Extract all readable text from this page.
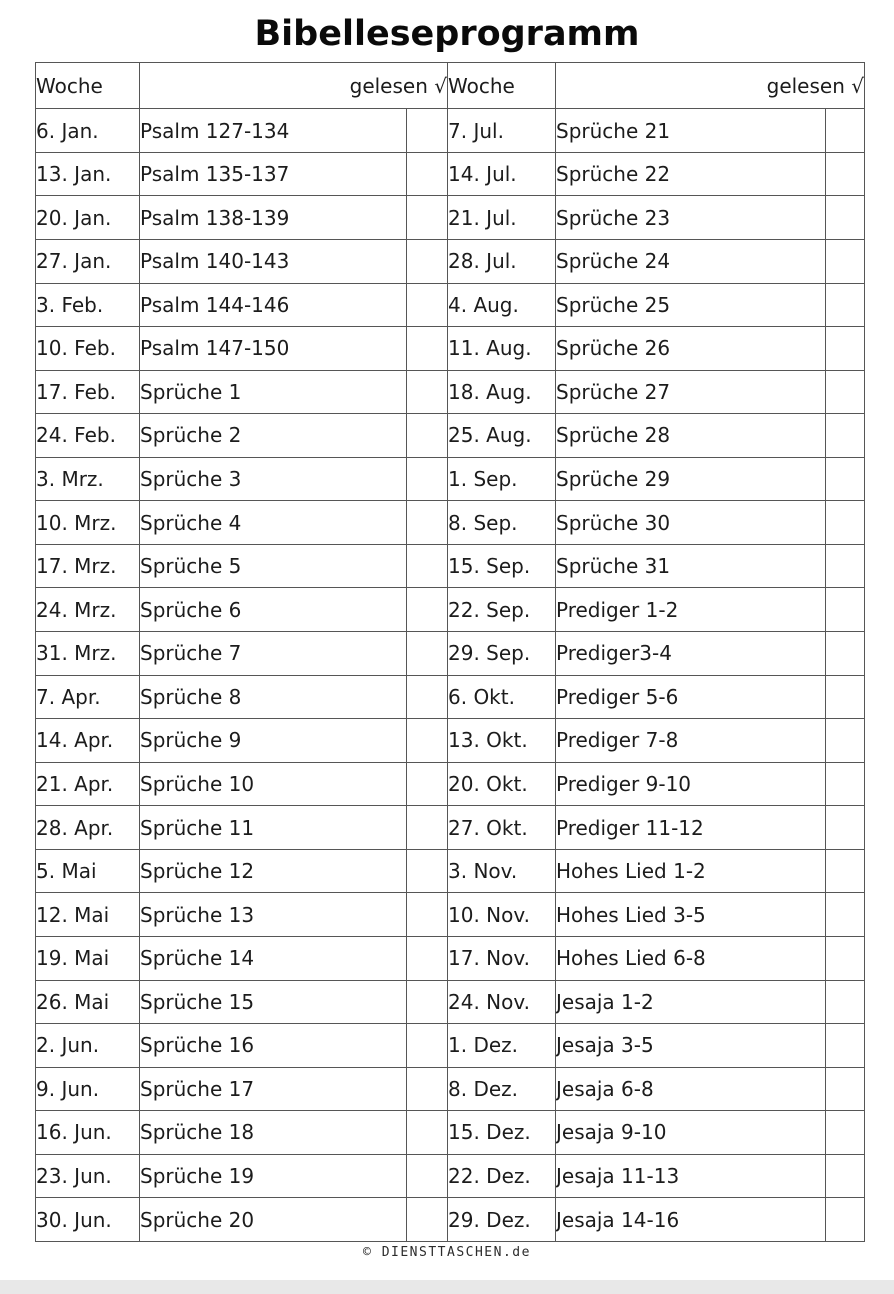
Bibelleseprogramm
Woche	gelesen √		Woche	gelesen √	
6. Jan.	Psalm 127-134		7. Jul.	Sprüche 21	
13. Jan.	Psalm 135-137		14. Jul.	Sprüche 22	
20. Jan.	Psalm 138-139		21. Jul.	Sprüche 23	
27. Jan.	Psalm 140-143		28. Jul.	Sprüche 24	
3. Feb.	Psalm 144-146		4. Aug.	Sprüche 25	
10. Feb.	Psalm 147-150		11. Aug.	Sprüche 26	
17. Feb.	Sprüche 1		18. Aug.	Sprüche 27	
24. Feb.	Sprüche 2		25. Aug.	Sprüche 28	
3. Mrz.	Sprüche 3		1. Sep.	Sprüche 29	
10. Mrz.	Sprüche 4		8. Sep.	Sprüche 30	
17. Mrz.	Sprüche 5		15. Sep.	Sprüche 31	
24. Mrz.	Sprüche 6		22. Sep.	Prediger 1-2	
31. Mrz.	Sprüche 7		29. Sep.	Prediger3-4	
7. Apr.	Sprüche 8		6. Okt.	Prediger 5-6	
14. Apr.	Sprüche 9		13. Okt.	Prediger 7-8	
21. Apr.	Sprüche 10		20. Okt.	Prediger 9-10	
28. Apr.	Sprüche 11		27. Okt.	Prediger 11-12	
5. Mai	Sprüche 12		3. Nov.	Hohes Lied 1-2	
12. Mai	Sprüche 13		10. Nov.	Hohes Lied 3-5	
19. Mai	Sprüche 14		17. Nov.	Hohes Lied 6-8	
26. Mai	Sprüche 15		24. Nov.	Jesaja 1-2	
2. Jun.	Sprüche 16		1. Dez.	Jesaja 3-5	
9. Jun.	Sprüche 17		8. Dez.	Jesaja 6-8	
16. Jun.	Sprüche 18		15. Dez.	Jesaja 9-10	
23. Jun.	Sprüche 19		22. Dez.	Jesaja 11-13	
30. Jun.	Sprüche 20		29. Dez.	Jesaja 14-16	
© DIENSTTASCHEN.de
